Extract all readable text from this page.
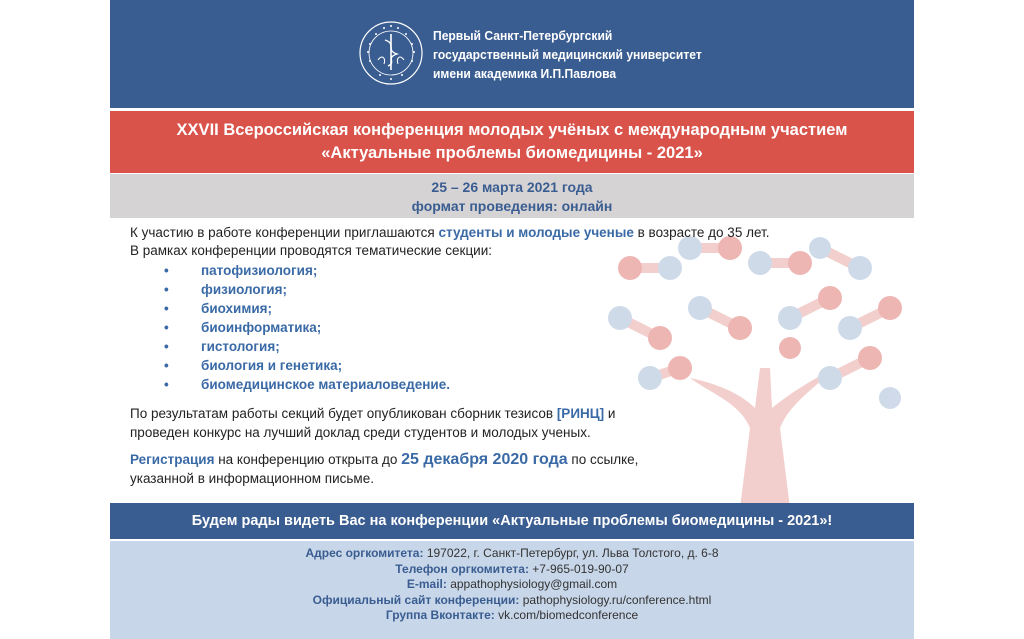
Первый Санкт-Петербургский
государственный медицинский университет
имени академика И.П.Павлова
XXVII Всероссийская конференция молодых учёных с международным участием
«Актуальные проблемы биомедицины - 2021»
25 – 26 марта 2021 года
формат проведения: онлайн
К участию в работе конференции приглашаются студенты и молодые ученые в возрасте до 35 лет.
В рамках конференции проводятся тематические секции:
• патофизиология;
• физиология;
• биохимия;
• биоинформатика;
• гистология;
• биология и генетика;
• биомедицинское материаловедение.
По результатам работы секций будет опубликован сборник тезисов [РИНЦ] и
проведен конкурс на лучший доклад среди студентов и молодых ученых.
Регистрация на конференцию открыта до 25 декабря 2020 года по ссылке,
указанной в информационном письме.
Будем рады видеть Вас на конференции «Актуальные проблемы биомедицины - 2021»!
Адрес оргкомитета: 197022, г. Санкт-Петербург, ул. Льва Толстого, д. 6-8
Телефон оргкомитета: +7-965-019-90-07
E-mail: appathophysiology@gmail.com
Официальный сайт конференции: pathophysiology.ru/conference.html
Группа Вконтакте: vk.com/biomedconference
